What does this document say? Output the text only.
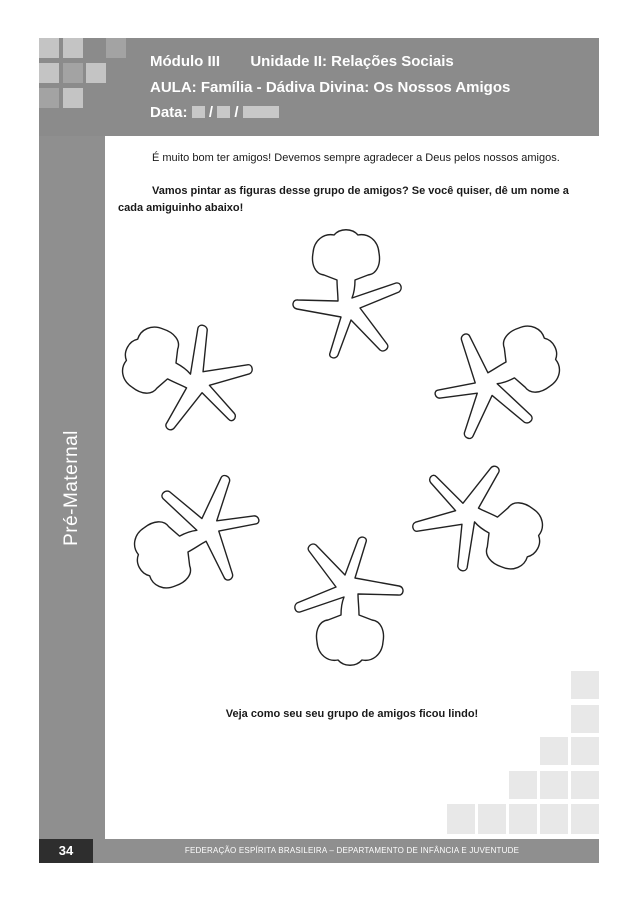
Módulo III Unidade II: Relações Sociais
AULA: Família - Dádiva Divina: Os Nossos Amigos
Data: / /
Pré-Maternal
É muito bom ter amigos! Devemos sempre agradecer a Deus pelos nossos amigos.
Vamos pintar as figuras desse grupo de amigos? Se você quiser, dê um nome a cada amiguinho abaixo!
Veja como seu seu grupo de amigos ficou lindo!
34	FEDERAÇÃO ESPÍRITA BRASILEIRA – DEPARTAMENTO DE INFÂNCIA E JUVENTUDE
